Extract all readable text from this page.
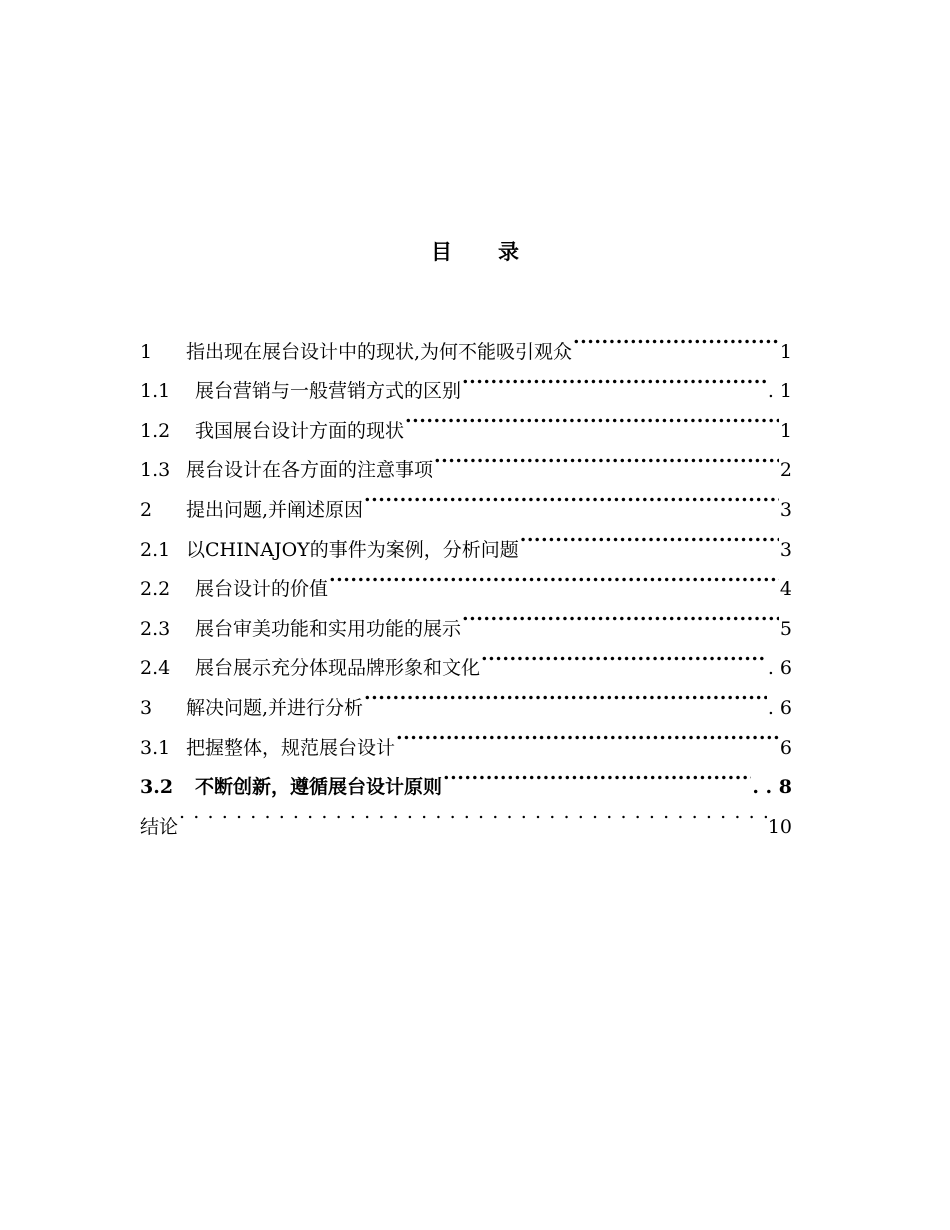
目 录
1	指出现在展台设计中的现状,为何不能吸引观众 .....	1
1.1	展台营销与一般营销方式的区别 .....	. 1
1.2	我国展台设计方面的现状 .....	1
1.3 展台设计在各方面的注意事项 .....	2
2	提出问题,并阐述原因 .....	3
2.1 以CHINAJOY的事件为案例，分析问题 .....	3
2.2	展台设计的价值 .....	4
2.3	展台审美功能和实用功能的展示 .....	5
2.4	展台展示充分体现品牌形象和文化 .....	. 6
3	解决问题,并进行分析 .....	. 6
3.1 把握整体，规范展台设计 .....	6
3.2	不断创新，遵循展台设计原则 .....	. . 8
结论 .....	10
